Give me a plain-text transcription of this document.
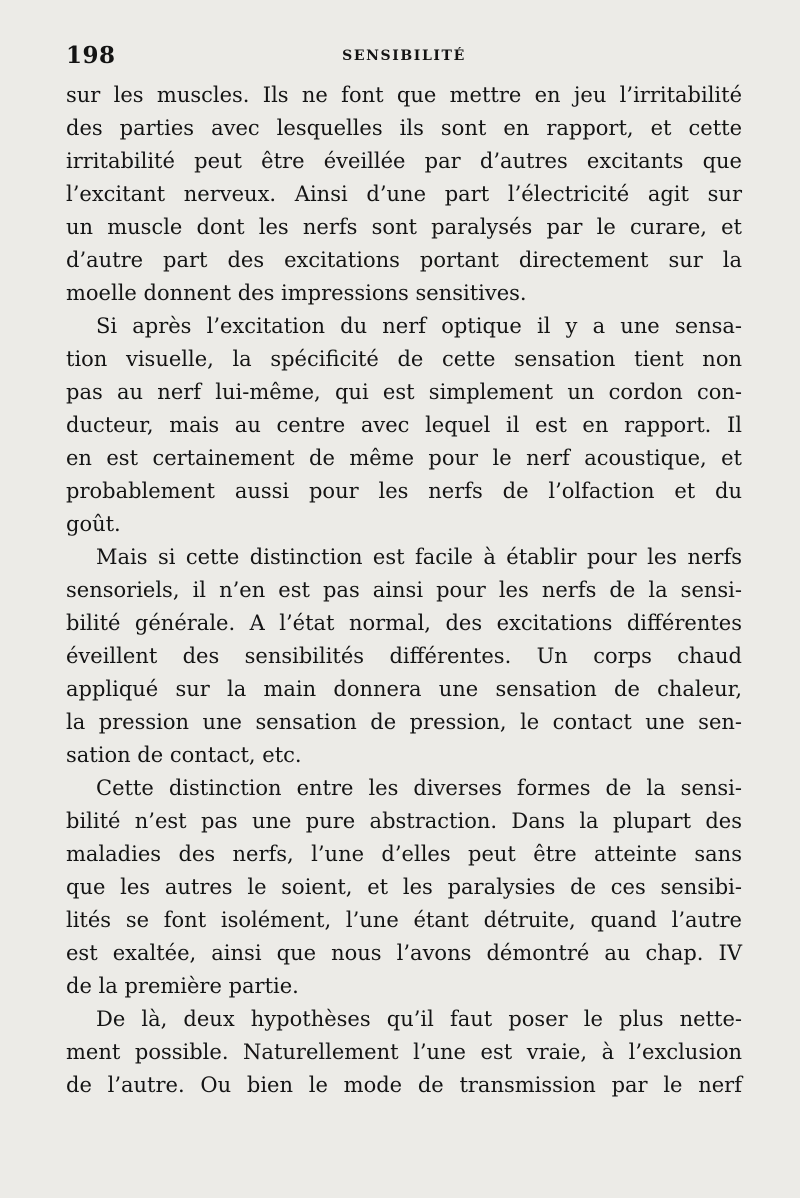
198	SENSIBILITÉ
sur les muscles. Ils ne font que mettre en jeu l’irritabilité
des parties avec lesquelles ils sont en rapport, et cette
irritabilité peut être éveillée par d’autres excitants que
l’excitant nerveux. Ainsi d’une part l’électricité agit sur
un muscle dont les nerfs sont paralysés par le curare, et
d’autre part des excitations portant directement sur la
moelle donnent des impressions sensitives.
Si après l’excitation du nerf optique il y a une sensa-
tion visuelle, la spécificité de cette sensation tient non
pas au nerf lui-même, qui est simplement un cordon con-
ducteur, mais au centre avec lequel il est en rapport. Il
en est certainement de même pour le nerf acoustique, et
probablement aussi pour les nerfs de l’olfaction et du
goût.
Mais si cette distinction est facile à établir pour les nerfs
sensoriels, il n’en est pas ainsi pour les nerfs de la sensi-
bilité générale. A l’état normal, des excitations différentes
éveillent des sensibilités différentes. Un corps chaud
appliqué sur la main donnera une sensation de chaleur,
la pression une sensation de pression, le contact une sen-
sation de contact, etc.
Cette distinction entre les diverses formes de la sensi-
bilité n’est pas une pure abstraction. Dans la plupart des
maladies des nerfs, l’une d’elles peut être atteinte sans
que les autres le soient, et les paralysies de ces sensibi-
lités se font isolément, l’une étant détruite, quand l’autre
est exaltée, ainsi que nous l’avons démontré au chap. IV
de la première partie.
De là, deux hypothèses qu’il faut poser le plus nette-
ment possible. Naturellement l’une est vraie, à l’exclusion
de l’autre. Ou bien le mode de transmission par le nerf
